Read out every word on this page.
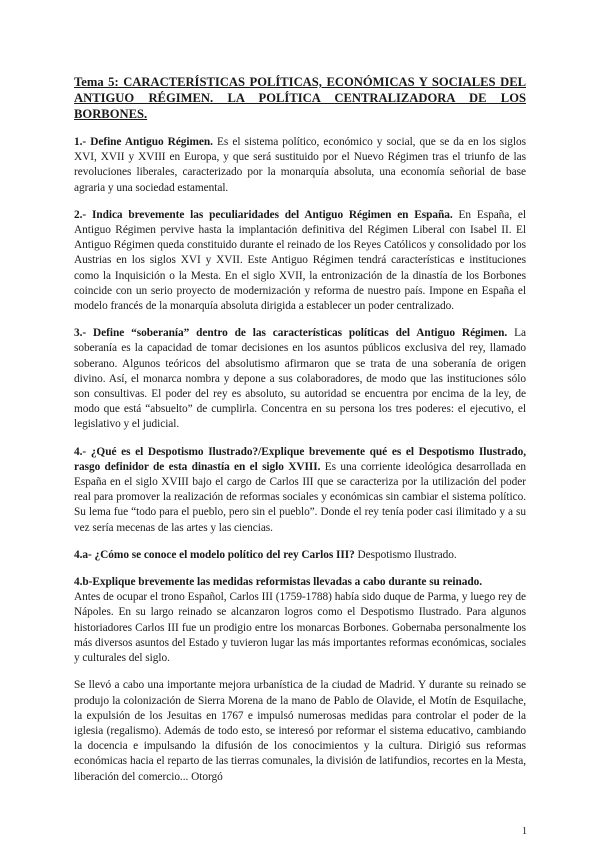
Tema 5: CARACTERÍSTICAS POLÍTICAS, ECONÓMICAS Y SOCIALES DEL ANTIGUO RÉGIMEN. LA POLÍTICA CENTRALIZADORA DE LOS BORBONES.

1.- Define Antiguo Régimen. Es el sistema político, económico y social, que se da en los siglos XVI, XVII y XVIII en Europa, y que será sustituido por el Nuevo Régimen tras el triunfo de las revoluciones liberales, caracterizado por la monarquía absoluta, una economía señorial de base agraria y una sociedad estamental.

2.- Indica brevemente las peculiaridades del Antiguo Régimen en España. En España, el Antiguo Régimen pervive hasta la implantación definitiva del Régimen Liberal con Isabel II. El Antiguo Régimen queda constituido durante el reinado de los Reyes Católicos y consolidado por los Austrias en los siglos XVI y XVII. Este Antiguo Régimen tendrá características e instituciones como la Inquisición o la Mesta. En el siglo XVII, la entronización de la dinastía de los Borbones coincide con un serio proyecto de modernización y reforma de nuestro país. Impone en España el modelo francés de la monarquía absoluta dirigida a establecer un poder centralizado.

3.- Define “soberanía” dentro de las características políticas del Antiguo Régimen. La soberanía es la capacidad de tomar decisiones en los asuntos públicos exclusiva del rey, llamado soberano. Algunos teóricos del absolutismo afirmaron que se trata de una soberanía de origen divino. Así, el monarca nombra y depone a sus colaboradores, de modo que las instituciones sólo son consultivas. El poder del rey es absoluto, su autoridad se encuentra por encima de la ley, de modo que está “absuelto” de cumplirla. Concentra en su persona los tres poderes: el ejecutivo, el legislativo y el judicial.

4.- ¿Qué es el Despotismo Ilustrado?/Explique brevemente qué es el Despotismo Ilustrado, rasgo definidor de esta dinastía en el siglo XVIII. Es una corriente ideológica desarrollada en España en el siglo XVIII bajo el cargo de Carlos III que se caracteriza por la utilización del poder real para promover la realización de reformas sociales y económicas sin cambiar el sistema político. Su lema fue “todo para el pueblo, pero sin el pueblo”. Donde el rey tenía poder casi ilimitado y a su vez sería mecenas de las artes y las ciencias.

4.a- ¿Cómo se conoce el modelo político del rey Carlos III? Despotismo Ilustrado.

4.b-Explique brevemente las medidas reformistas llevadas a cabo durante su reinado.
Antes de ocupar el trono Español, Carlos III (1759-1788) había sido duque de Parma, y luego rey de Nápoles. En su largo reinado se alcanzaron logros como el Despotismo Ilustrado. Para algunos historiadores Carlos III fue un prodigio entre los monarcas Borbones. Gobernaba personalmente los más diversos asuntos del Estado y tuvieron lugar las más importantes reformas económicas, sociales y culturales del siglo.

Se llevó a cabo una importante mejora urbanística de la ciudad de Madrid. Y durante su reinado se produjo la colonización de Sierra Morena de la mano de Pablo de Olavide, el Motín de Esquilache, la expulsión de los Jesuitas en 1767 e impulsó numerosas medidas para controlar el poder de la iglesia (regalismo). Además de todo esto, se interesó por reformar el sistema educativo, cambiando la docencia e impulsando la difusión de los conocimientos y la cultura. Dirigió sus reformas económicas hacia el reparto de las tierras comunales, la división de latifundios, recortes en la Mesta, liberación del comercio... Otorgó

1
